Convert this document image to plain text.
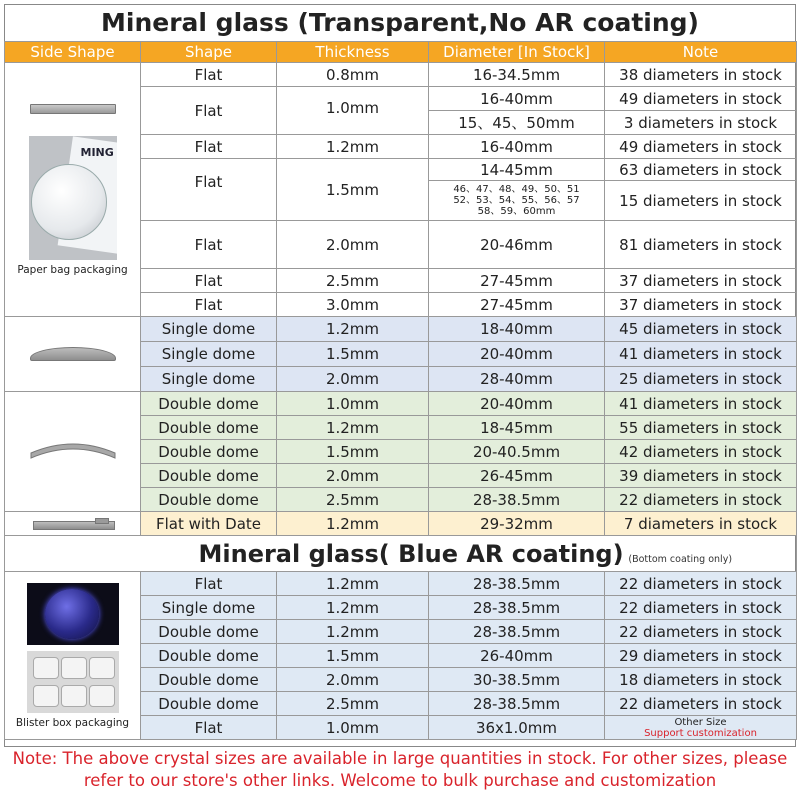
Mineral glass (Transparent,No AR coating)
Side Shape	Shape	Thickness	Diameter [In Stock]	Note

MING
Paper bag packaging	Flat	0.8mm	16-34.5mm	38 diameters in stock
	Flat	1.0mm	16-40mm	49 diameters in stock
			15、45、50mm	3 diameters in stock
	Flat	1.2mm	16-40mm	49 diameters in stock
	Flat	1.5mm	14-45mm	63 diameters in stock
			46、47、48、49、50、51 52、53、54、55、56、57 58、59、60mm	15 diameters in stock
	Flat	2.0mm	20-46mm	81 diameters in stock
	Flat	2.5mm	27-45mm	37 diameters in stock
	Flat	3.0mm	27-45mm	37 diameters in stock

	Single dome	1.2mm	18-40mm	45 diameters in stock
	Single dome	1.5mm	20-40mm	41 diameters in stock
	Single dome	2.0mm	28-40mm	25 diameters in stock
	Double dome	1.0mm	20-40mm	41 diameters in stock
	Double dome	1.2mm	18-45mm	55 diameters in stock
	Double dome	1.5mm	20-40.5mm	42 diameters in stock
	Double dome	2.0mm	26-45mm	39 diameters in stock
	Double dome	2.5mm	28-38.5mm	22 diameters in stock

	Flat with Date	1.2mm	29-32mm	7 diameters in stock
	Mineral glass( Blue AR coating) (Bottom coating only)			

Blister box packaging	Flat	1.2mm	28-38.5mm	22 diameters in stock
	Single dome	1.2mm	28-38.5mm	22 diameters in stock
	Double dome	1.2mm	28-38.5mm	22 diameters in stock
	Double dome	1.5mm	26-40mm	29 diameters in stock
	Double dome	2.0mm	30-38.5mm	18 diameters in stock
	Double dome	2.5mm	28-38.5mm	22 diameters in stock
	Flat	1.0mm	36x1.0mm	Other Size
Support customization
Note: The above crystal sizes are available in large quantities in stock. For other sizes, please refer to our store's other links. Welcome to bulk purchase and customization
